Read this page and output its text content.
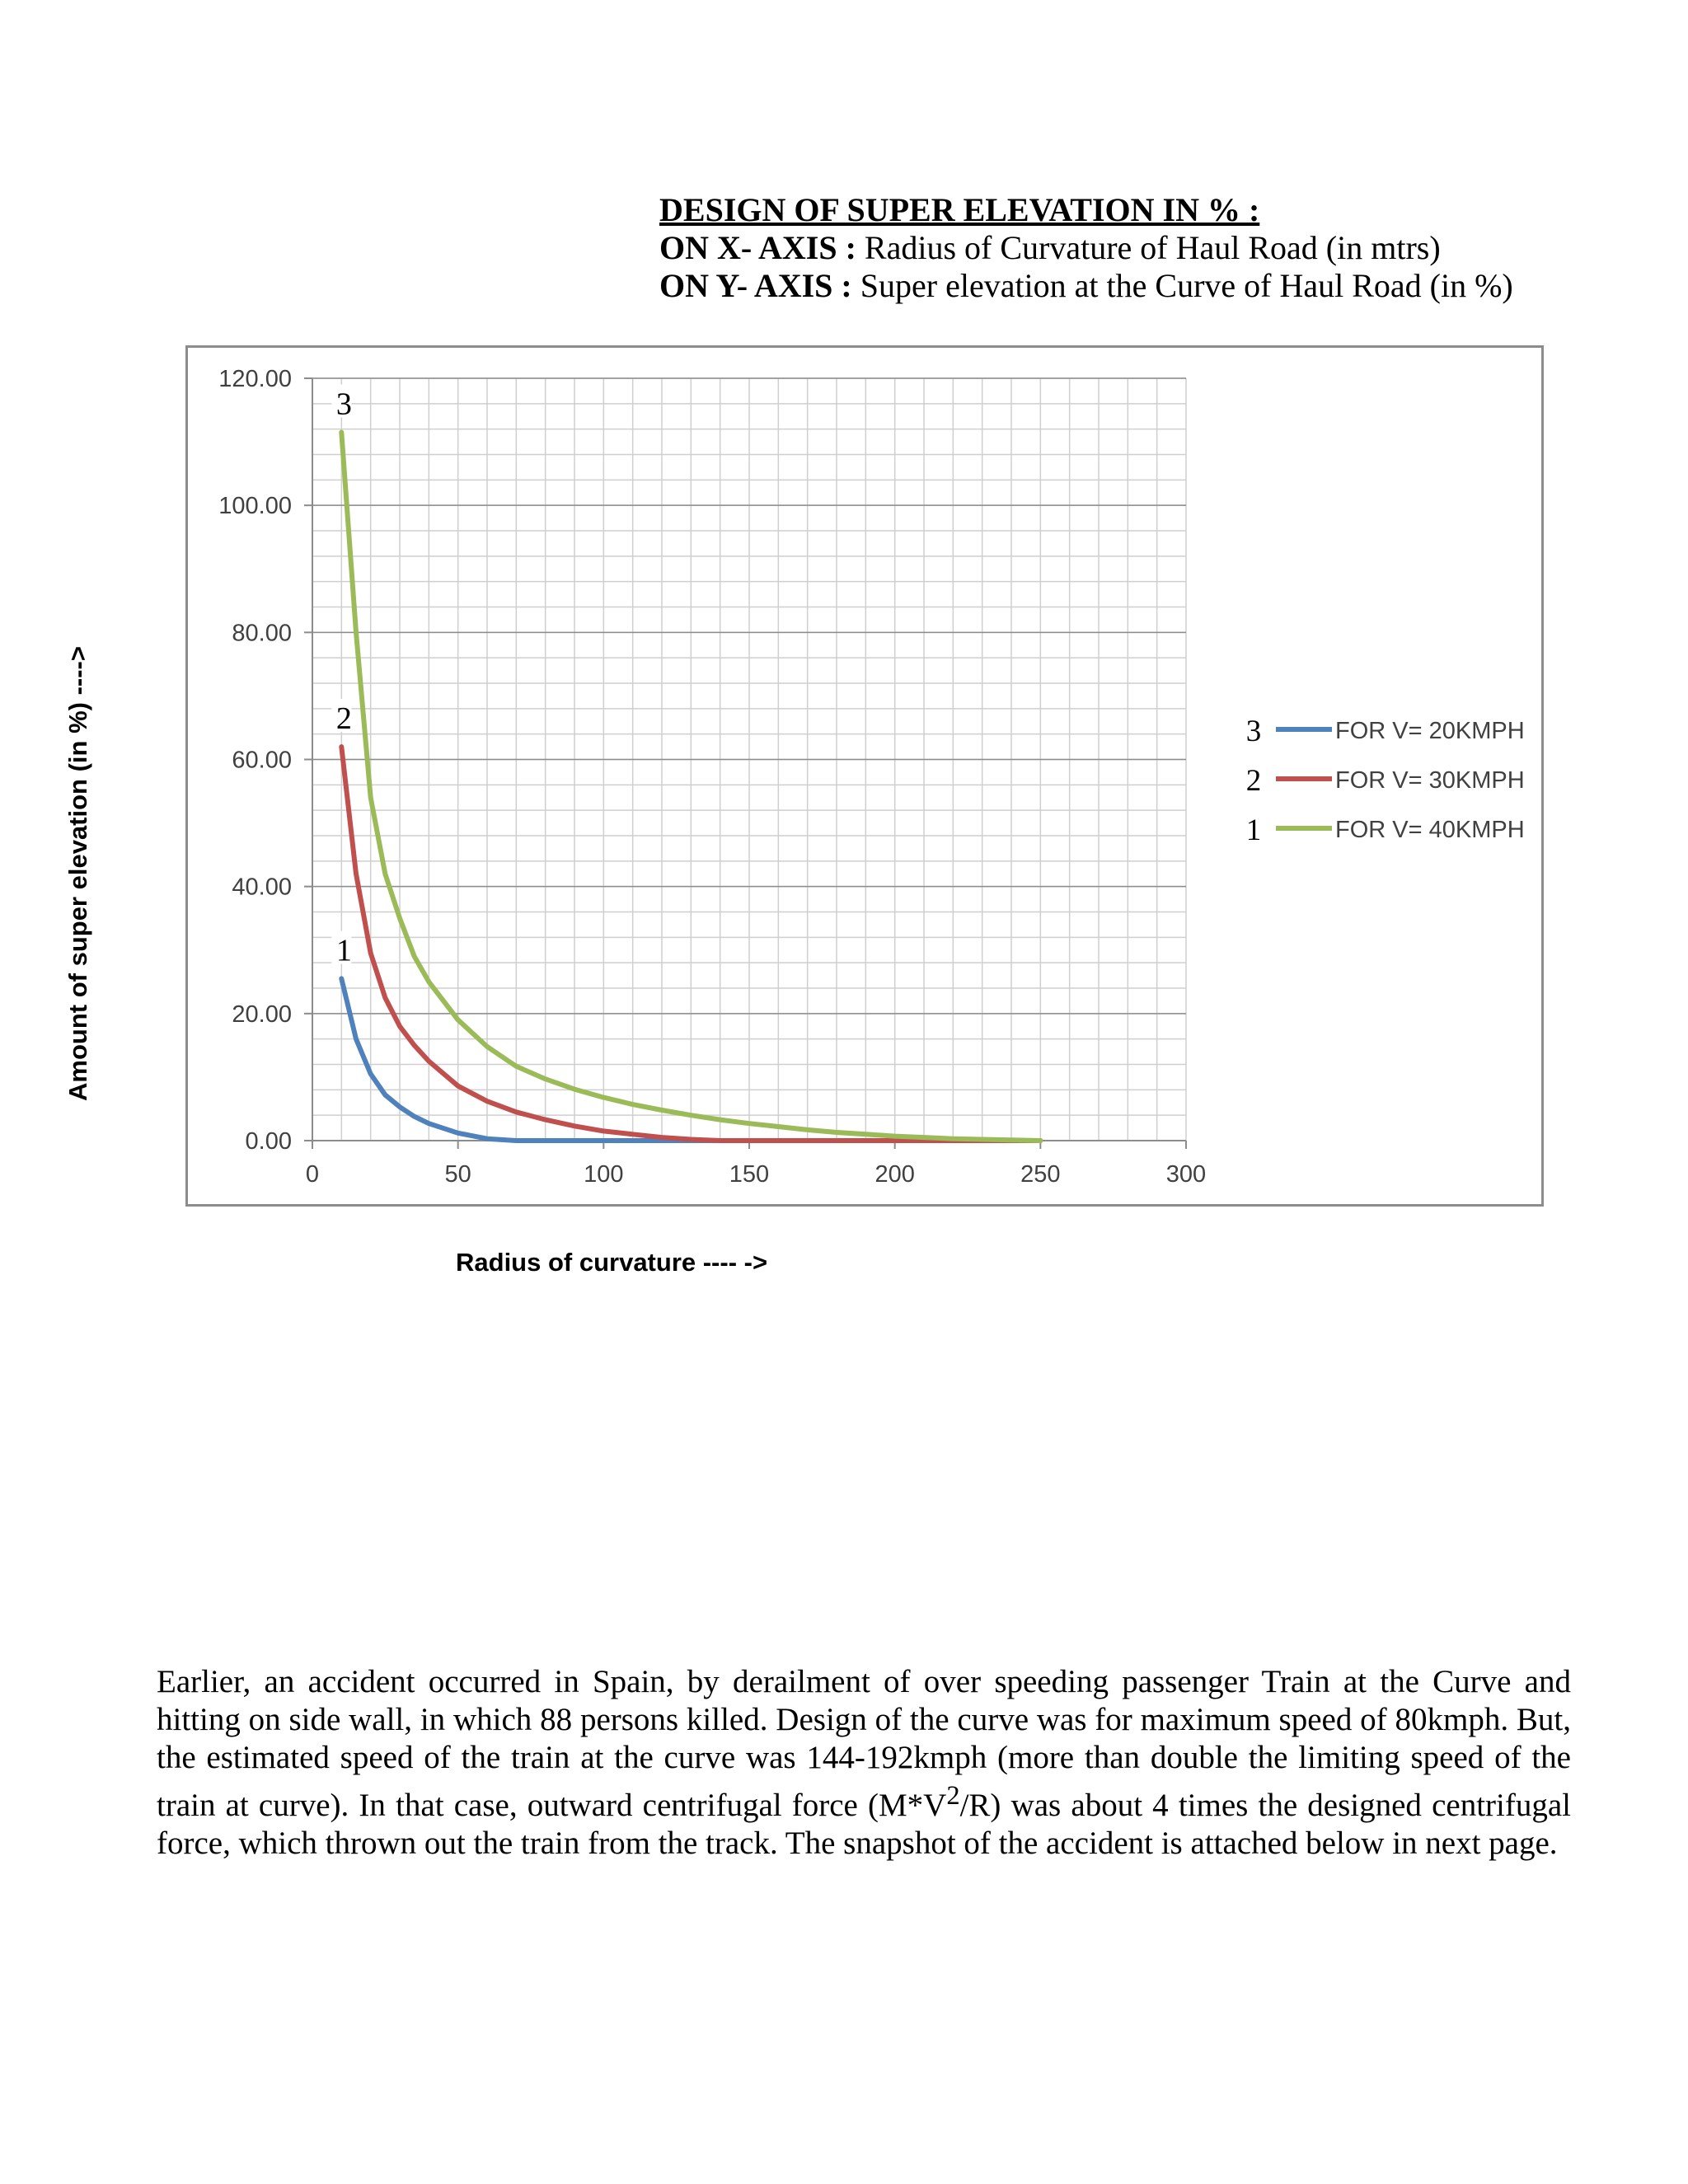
DESIGN OF SUPER ELEVATION IN % :
ON X- AXIS : Radius of Curvature of Haul Road (in mtrs)
ON Y- AXIS : Super elevation at the Curve of Haul Road (in %)
Amount of super elevation (in %) ---->
0	50	100	150	200	250	300
0.00
20.00
40.00
60.00
80.00
100.00
120.00
1
2
3
3	FOR V= 20KMPH
2	FOR V= 30KMPH
1	FOR V= 40KMPH
Radius of curvature ---- ->
Earlier, an accident occurred in Spain, by derailment of over speeding passenger Train at the Curve and hitting on side wall, in which 88 persons killed. Design of the curve was for maximum speed of 80kmph. But, the estimated speed of the train at the curve was 144-192kmph (more than double the limiting speed of the train at curve). In that case, outward centrifugal force $(M*V^2/R)$ was about 4 times the designed centrifugal force, which thrown out the train from the track. The snapshot of the accident is attached below in next page.
